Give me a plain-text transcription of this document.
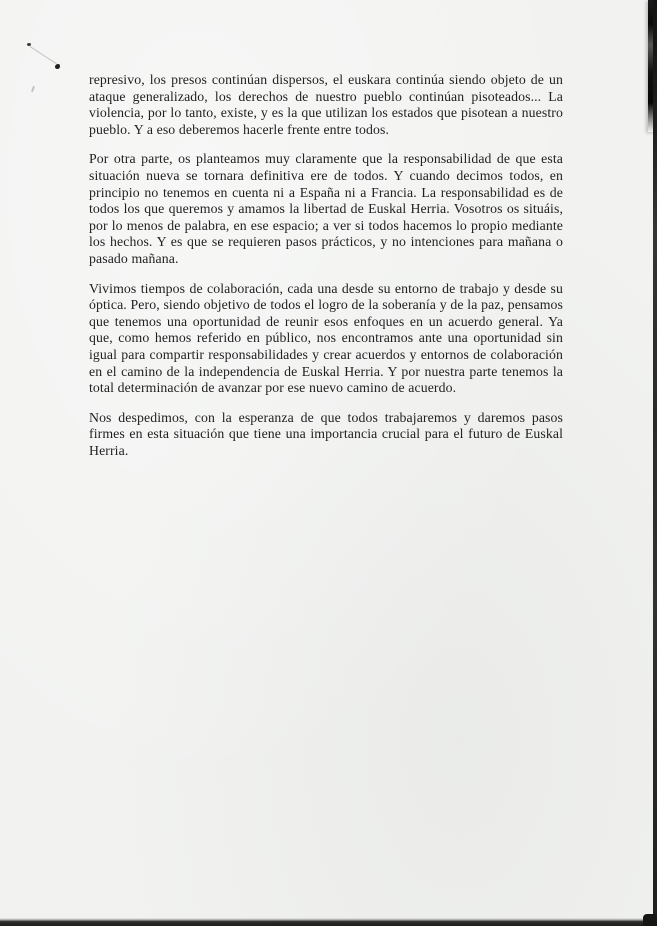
represivo, los presos continúan dispersos, el euskara continúa siendo objeto de un
ataque generalizado, los derechos de nuestro pueblo continúan pisoteados... La
violencia, por lo tanto, existe, y es la que utilizan los estados que pisotean a nuestro
pueblo. Y a eso deberemos hacerle frente entre todos.
Por otra parte, os planteamos muy claramente que la responsabilidad de que esta
situación nueva se tornara definitiva ere de todos. Y cuando decimos todos, en
principio no tenemos en cuenta ni a España ni a Francia. La responsabilidad es de
todos los que queremos y amamos la libertad de Euskal Herria. Vosotros os situáis,
por lo menos de palabra, en ese espacio; a ver si todos hacemos lo propio mediante
los hechos. Y es que se requieren pasos prácticos, y no intenciones para mañana o
pasado mañana.
Vivimos tiempos de colaboración, cada una desde su entorno de trabajo y desde su
óptica. Pero, siendo objetivo de todos el logro de la soberanía y de la paz, pensamos
que tenemos una oportunidad de reunir esos enfoques en un acuerdo general. Ya
que, como hemos referido en público, nos encontramos ante una oportunidad sin
igual para compartir responsabilidades y crear acuerdos y entornos de colaboración
en el camino de la independencia de Euskal Herria. Y por nuestra parte tenemos la
total determinación de avanzar por ese nuevo camino de acuerdo.
Nos despedimos, con la esperanza de que todos trabajaremos y daremos pasos
firmes en esta situación que tiene una importancia crucial para el futuro de Euskal
Herria.
